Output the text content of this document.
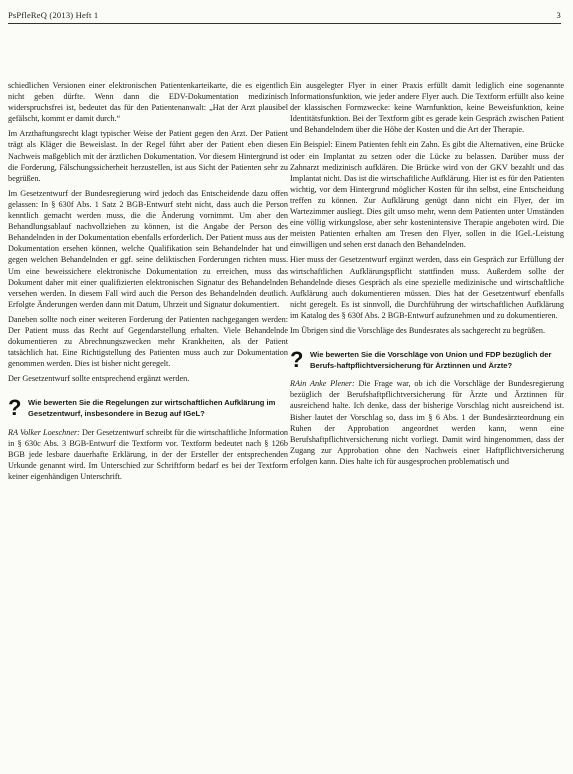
PsPfleReQ (2013) Heft 1	3

schiedlichen Versionen einer elektronischen Patientenkarteikarte, die es eigentlich nicht geben dürfte. Wenn dann die EDV-Dokumentation medizinisch widerspruchsfrei ist, bedeutet das für den Patientenanwalt: „Hat der Arzt plausibel gefälscht, kommt er damit durch.“

Im Arzthaftungsrecht klagt typischer Weise der Patient gegen den Arzt. Der Patient trägt als Kläger die Beweislast. In der Regel führt aber der Patient eben diesen Nachweis maßgeblich mit der ärztlichen Dokumentation. Vor diesem Hintergrund ist die Forderung, Fälschungssicherheit herzustellen, ist aus Sicht der Patienten sehr zu begrüßen.

Im Gesetzentwurf der Bundesregierung wird jedoch das Entscheidende dazu offen gelassen: In § 630f Abs. 1 Satz 2 BGB-Entwurf steht nicht, dass auch die Person kenntlich gemacht werden muss, die die Änderung vornimmt. Um aber den Behandlungsablauf nachvollziehen zu können, ist die Angabe der Person des Behandelnden in der Dokumentation ebenfalls erforderlich. Der Patient muss aus der Dokumentation ersehen können, welche Qualifikation sein Behandelnder hat und gegen welchen Behandelnden er ggf. seine deliktischen Forderungen richten muss. Um eine beweissichere elektronische Dokumentation zu erreichen, muss das Dokument daher mit einer qualifizierten elektronischen Signatur des Behandelnden versehen werden. In diesem Fall wird auch die Person des Behandelnden deutlich. Erfolgte Änderungen werden dann mit Datum, Uhrzeit und Signatur dokumentiert.

Daneben sollte noch einer weiteren Forderung der Patienten nachgegangen werden: Der Patient muss das Recht auf Gegendarstellung erhalten. Viele Behandelnde dokumentieren zu Abrechnungszwecken mehr Krankheiten, als der Patient tatsächlich hat. Eine Richtigstellung des Patienten muss auch zur Dokumentation genommen werden. Dies ist bisher nicht geregelt.

Der Gesetzentwurf sollte entsprechend ergänzt werden.

? Wie bewerten Sie die Regelungen zur wirtschaftlichen Aufklärung im Gesetzentwurf, insbesondere in Bezug auf IGeL?

RA Volker Loeschner: Der Gesetzentwurf schreibt für die wirtschaftliche Information in § 630c Abs. 3 BGB-Entwurf die Textform vor. Textform bedeutet nach § 126b BGB jede lesbare dauerhafte Erklärung, in der der Ersteller der entsprechenden Urkunde genannt wird. Im Unterschied zur Schriftform bedarf es bei der Textform keiner eigenhändigen Unterschrift.

Ein ausgelegter Flyer in einer Praxis erfüllt damit lediglich eine sogenannte Informationsfunktion, wie jeder andere Flyer auch. Die Textform erfüllt also keine der klassischen Formzwecke: keine Warnfunktion, keine Beweisfunktion, keine Identitätsfunktion. Bei der Textform gibt es gerade kein Gespräch zwischen Patient und Behandelndem über die Höhe der Kosten und die Art der Therapie.

Ein Beispiel: Einem Patienten fehlt ein Zahn. Es gibt die Alternativen, eine Brücke oder ein Implantat zu setzen oder die Lücke zu belassen. Darüber muss der Zahnarzt medizinisch aufklären. Die Brücke wird von der GKV bezahlt und das Implantat nicht. Das ist die wirtschaftliche Aufklärung. Hier ist es für den Patienten wichtig, vor dem Hintergrund möglicher Kosten für ihn selbst, eine Entscheidung treffen zu können. Zur Aufklärung genügt dann nicht ein Flyer, der im Wartezimmer ausliegt. Dies gilt umso mehr, wenn dem Patienten unter Umständen eine völlig wirkungslose, aber sehr kostenintensive Therapie angeboten wird. Die meisten Patienten erhalten am Tresen den Flyer, sollen in die IGeL-Leistung einwilligen und sehen erst danach den Behandelnden.

Hier muss der Gesetzentwurf ergänzt werden, dass ein Gespräch zur Erfüllung der wirtschaftlichen Aufklärungspflicht stattfinden muss. Außerdem sollte der Behandelnde dieses Gespräch als eine spezielle medizinische und wirtschaftliche Aufklärung auch dokumentieren müssen. Dies hat der Gesetzentwurf ebenfalls nicht geregelt. Es ist sinnvoll, die Durchführung der wirtschaftlichen Aufklärung im Katalog des § 630f Abs. 2 BGB-Entwurf aufzunehmen und zu dokumentieren.

Im Übrigen sind die Vorschläge des Bundesrates als sachgerecht zu begrüßen.

? Wie bewerten Sie die Vorschläge von Union und FDP bezüglich der Berufs-haftpflichtversicherung für Ärztinnen und Ärzte?

RAin Anke Plener: Die Frage war, ob ich die Vorschläge der Bundesregierung bezüglich der Berufshaftpflichtversicherung für Ärzte und Ärztinnen für ausreichend halte. Ich denke, dass der bisherige Vorschlag nicht ausreichend ist. Bisher lautet der Vorschlag so, dass im § 6 Abs. 1 der Bundesärzteordnung ein Ruhen der Approbation angeordnet werden kann, wenn eine Berufshaftpflichtversicherung nicht vorliegt. Damit wird hingenommen, dass der Zugang zur Approbation ohne den Nachweis einer Haftpflichtversicherung erfolgen kann. Dies halte ich für ausgesprochen problematisch und
